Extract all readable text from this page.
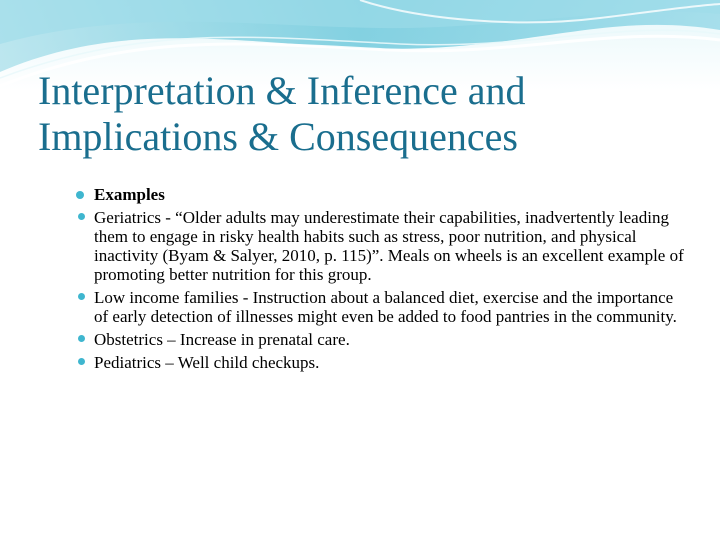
Interpretation & Inference and
Implications & Consequences
Examples
Geriatrics - “Older adults may underestimate their capabilities, inadvertently leading them to engage in risky health habits such as stress, poor nutrition, and physical inactivity (Byam & Salyer, 2010, p. 115)”. Meals on wheels is an excellent example of promoting better nutrition for this group.
Low income families - Instruction about a balanced diet, exercise and the importance of early detection of illnesses might even be added to food pantries in the community.
Obstetrics – Increase in prenatal care.
Pediatrics – Well child checkups.
